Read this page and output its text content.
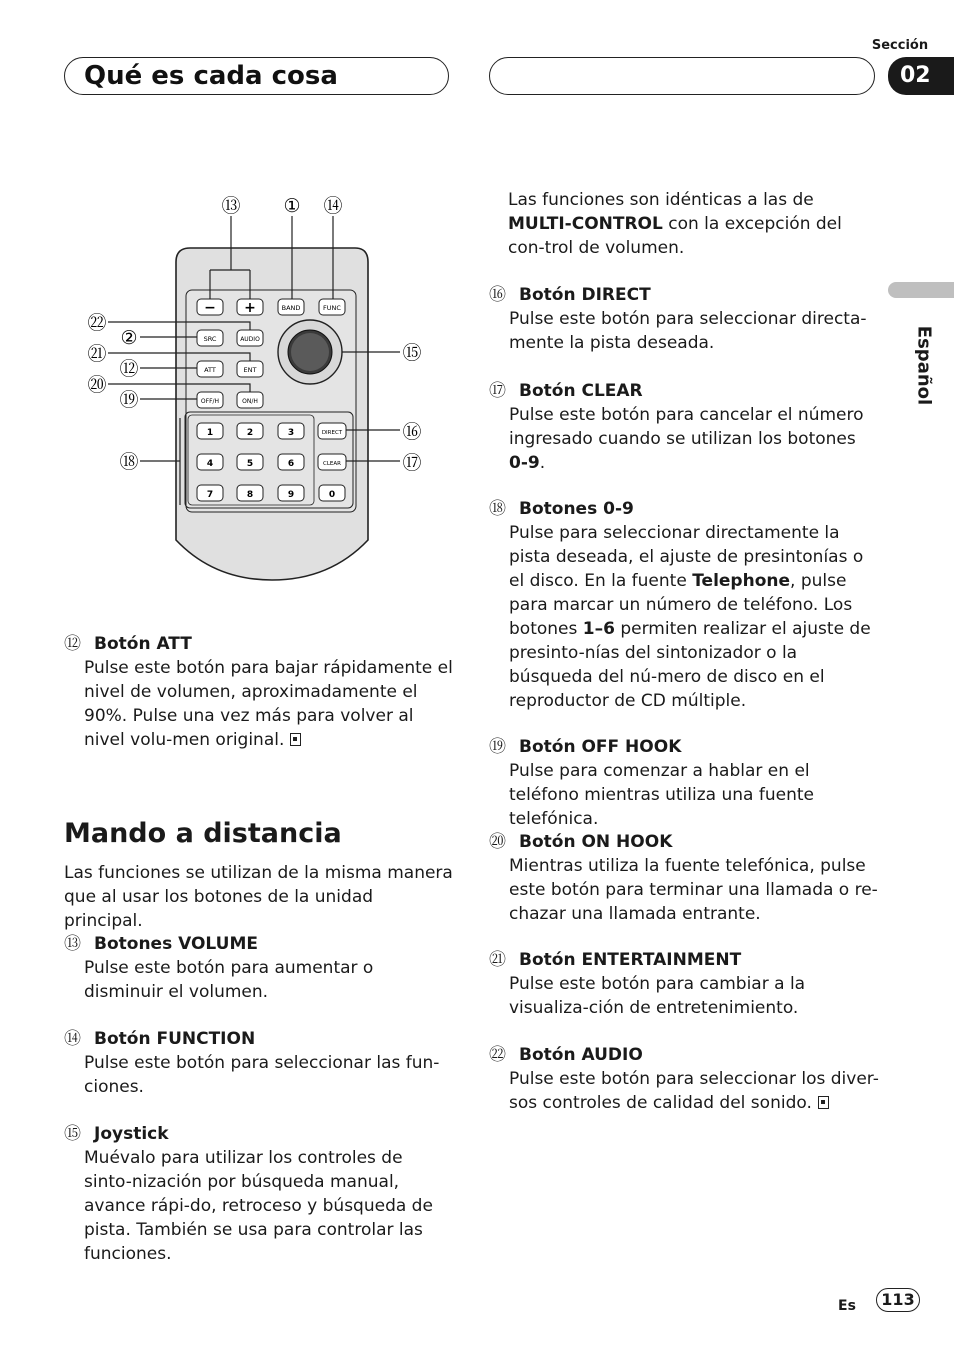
Qué es cada cosa
Sección
02
Español
− +	BAND	FUNC
SRC	AUDIO
ATT	ENT
OFF/H	ON/H
DIRECT
CLEAR
1	2	3
4	5	6
7	8	9	0
⑬ ① ⑭
㉒
②
⑮
㉑
⑫
⑳
⑲
⑯
⑱	⑰
⑫ Botón ATT
Pulse este botón para bajar rápidamente el nivel de volumen, aproximadamente el 90%. Pulse una vez más para volver al nivel volu-men original.
Mando a distancia
Las funciones se utilizan de la misma manera que al usar los botones de la unidad principal.
⑬ Botones VOLUME
Pulse este botón para aumentar o disminuir el volumen.
⑭ Botón FUNCTION
Pulse este botón para seleccionar las fun-ciones.
⑮ Joystick
Muévalo para utilizar los controles de sinto-nización por búsqueda manual, avance rápi-do, retroceso y búsqueda de pista. También se usa para controlar las funciones.
Las funciones son idénticas a las de MULTI-CONTROL con la excepción del con-trol de volumen.
⑯ Botón DIRECT
Pulse este botón para seleccionar directa-mente la pista deseada.
⑰ Botón CLEAR
Pulse este botón para cancelar el número ingresado cuando se utilizan los botones 0-9.
⑱ Botones 0-9
Pulse para seleccionar directamente la pista deseada, el ajuste de presintonías o el disco. En la fuente Telephone, pulse para marcar un número de teléfono. Los botones 1–6 permiten realizar el ajuste de presinto-nías del sintonizador o la búsqueda del nú-mero de disco en el reproductor de CD múltiple.
⑲ Botón OFF HOOK
Pulse para comenzar a hablar en el teléfono mientras utiliza una fuente telefónica.
⑳ Botón ON HOOK
Mientras utiliza la fuente telefónica, pulse este botón para terminar una llamada o re-chazar una llamada entrante.
㉑ Botón ENTERTAINMENT
Pulse este botón para cambiar a la visualiza-ción de entretenimiento.
㉒ Botón AUDIO
Pulse este botón para seleccionar los diver-sos controles de calidad del sonido.
Es	113
